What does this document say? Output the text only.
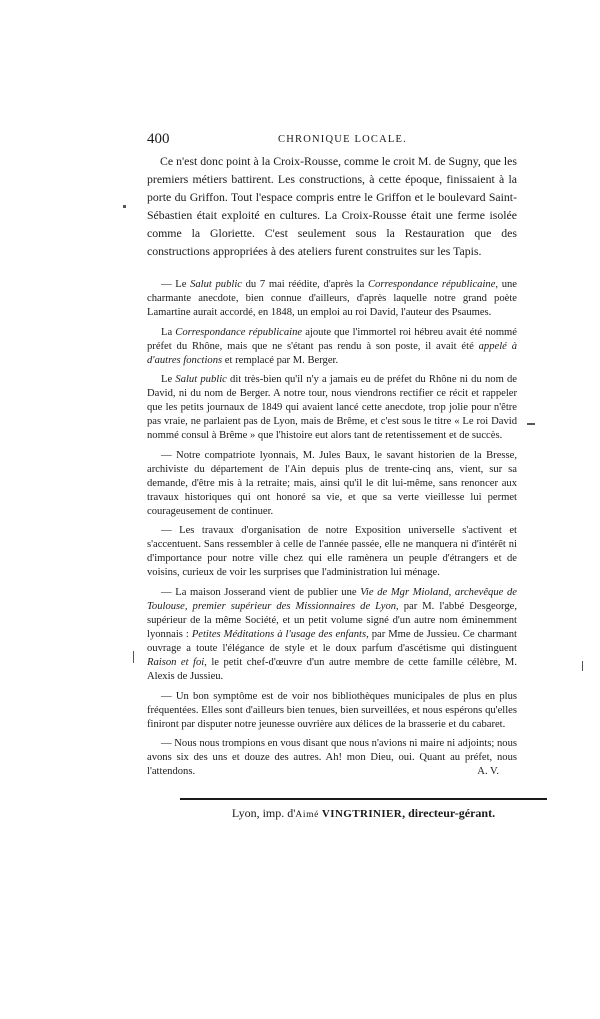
400	CHRONIQUE LOCALE.

Ce n'est donc point à la Croix-Rousse, comme le croit M. de Sugny, que les premiers métiers battirent. Les constructions, à cette époque, finissaient à la porte du Griffon. Tout l'espace compris entre le Griffon et le boulevard Saint-Sébastien était exploité en cultures. La Croix-Rousse était une ferme isolée comme la Gloriette. C'est seulement sous la Restauration que des constructions appropriées à des ateliers furent construites sur les Tapis.

— Le Salut public du 7 mai réédite, d'après la Correspondance républicaine, une charmante anecdote, bien connue d'ailleurs, d'après laquelle notre grand poète Lamartine aurait accordé, en 1848, un emploi au roi David, l'auteur des Psaumes.

La Correspondance républicaine ajoute que l'immortel roi hébreu avait été nommé préfet du Rhône, mais que ne s'étant pas rendu à son poste, il avait été appelé à d'autres fonctions et remplacé par M. Berger.

Le Salut public dit très-bien qu'il n'y a jamais eu de préfet du Rhône ni du nom de David, ni du nom de Berger. A notre tour, nous viendrons rectifier ce récit et rappeler que les petits journaux de 1849 qui avaient lancé cette anecdote, trop jolie pour n'être pas vraie, ne parlaient pas de Lyon, mais de Brême, et c'est sous le titre « Le roi David nommé consul à Brême » que l'histoire eut alors tant de retentissement et de succès.

— Notre compatriote lyonnais, M. Jules Baux, le savant historien de la Bresse, archiviste du département de l'Ain depuis plus de trente-cinq ans, vient, sur sa demande, d'être mis à la retraite; mais, ainsi qu'il le dit lui-même, sans renoncer aux travaux historiques qui ont honoré sa vie, et que sa verte vieillesse lui permet courageusement de continuer.

— Les travaux d'organisation de notre Exposition universelle s'activent et s'accentuent. Sans ressembler à celle de l'année passée, elle ne manquera ni d'intérêt ni d'importance pour notre ville chez qui elle ramènera un peuple d'étrangers et de voisins, curieux de voir les surprises que l'administration lui ménage.

— La maison Josserand vient de publier une Vie de Mgr Mioland, archevêque de Toulouse, premier supérieur des Missionnaires de Lyon, par M. l'abbé Desgeorge, supérieur de la même Société, et un petit volume signé d'un autre nom éminemment lyonnais : Petites Méditations à l'usage des enfants, par Mme de Jussieu. Ce charmant ouvrage a toute l'élégance de style et le doux parfum d'ascétisme qui distinguent Raison et foi, le petit chef-d'œuvre d'un autre membre de cette famille célèbre, M. Alexis de Jussieu.

— Un bon symptôme est de voir nos bibliothèques municipales de plus en plus fréquentées. Elles sont d'ailleurs bien tenues, bien surveillées, et nous espérons qu'elles finiront par disputer notre jeunesse ouvrière aux délices de la brasserie et du cabaret.

— Nous nous trompions en vous disant que nous n'avions ni maire ni adjoints; nous avons six des uns et douze des autres. Ah! mon Dieu, oui. Quant au préfet, nous l'attendons.	A. V.

Lyon, imp. d'Aimé VINGTRINIER, directeur-gérant.
